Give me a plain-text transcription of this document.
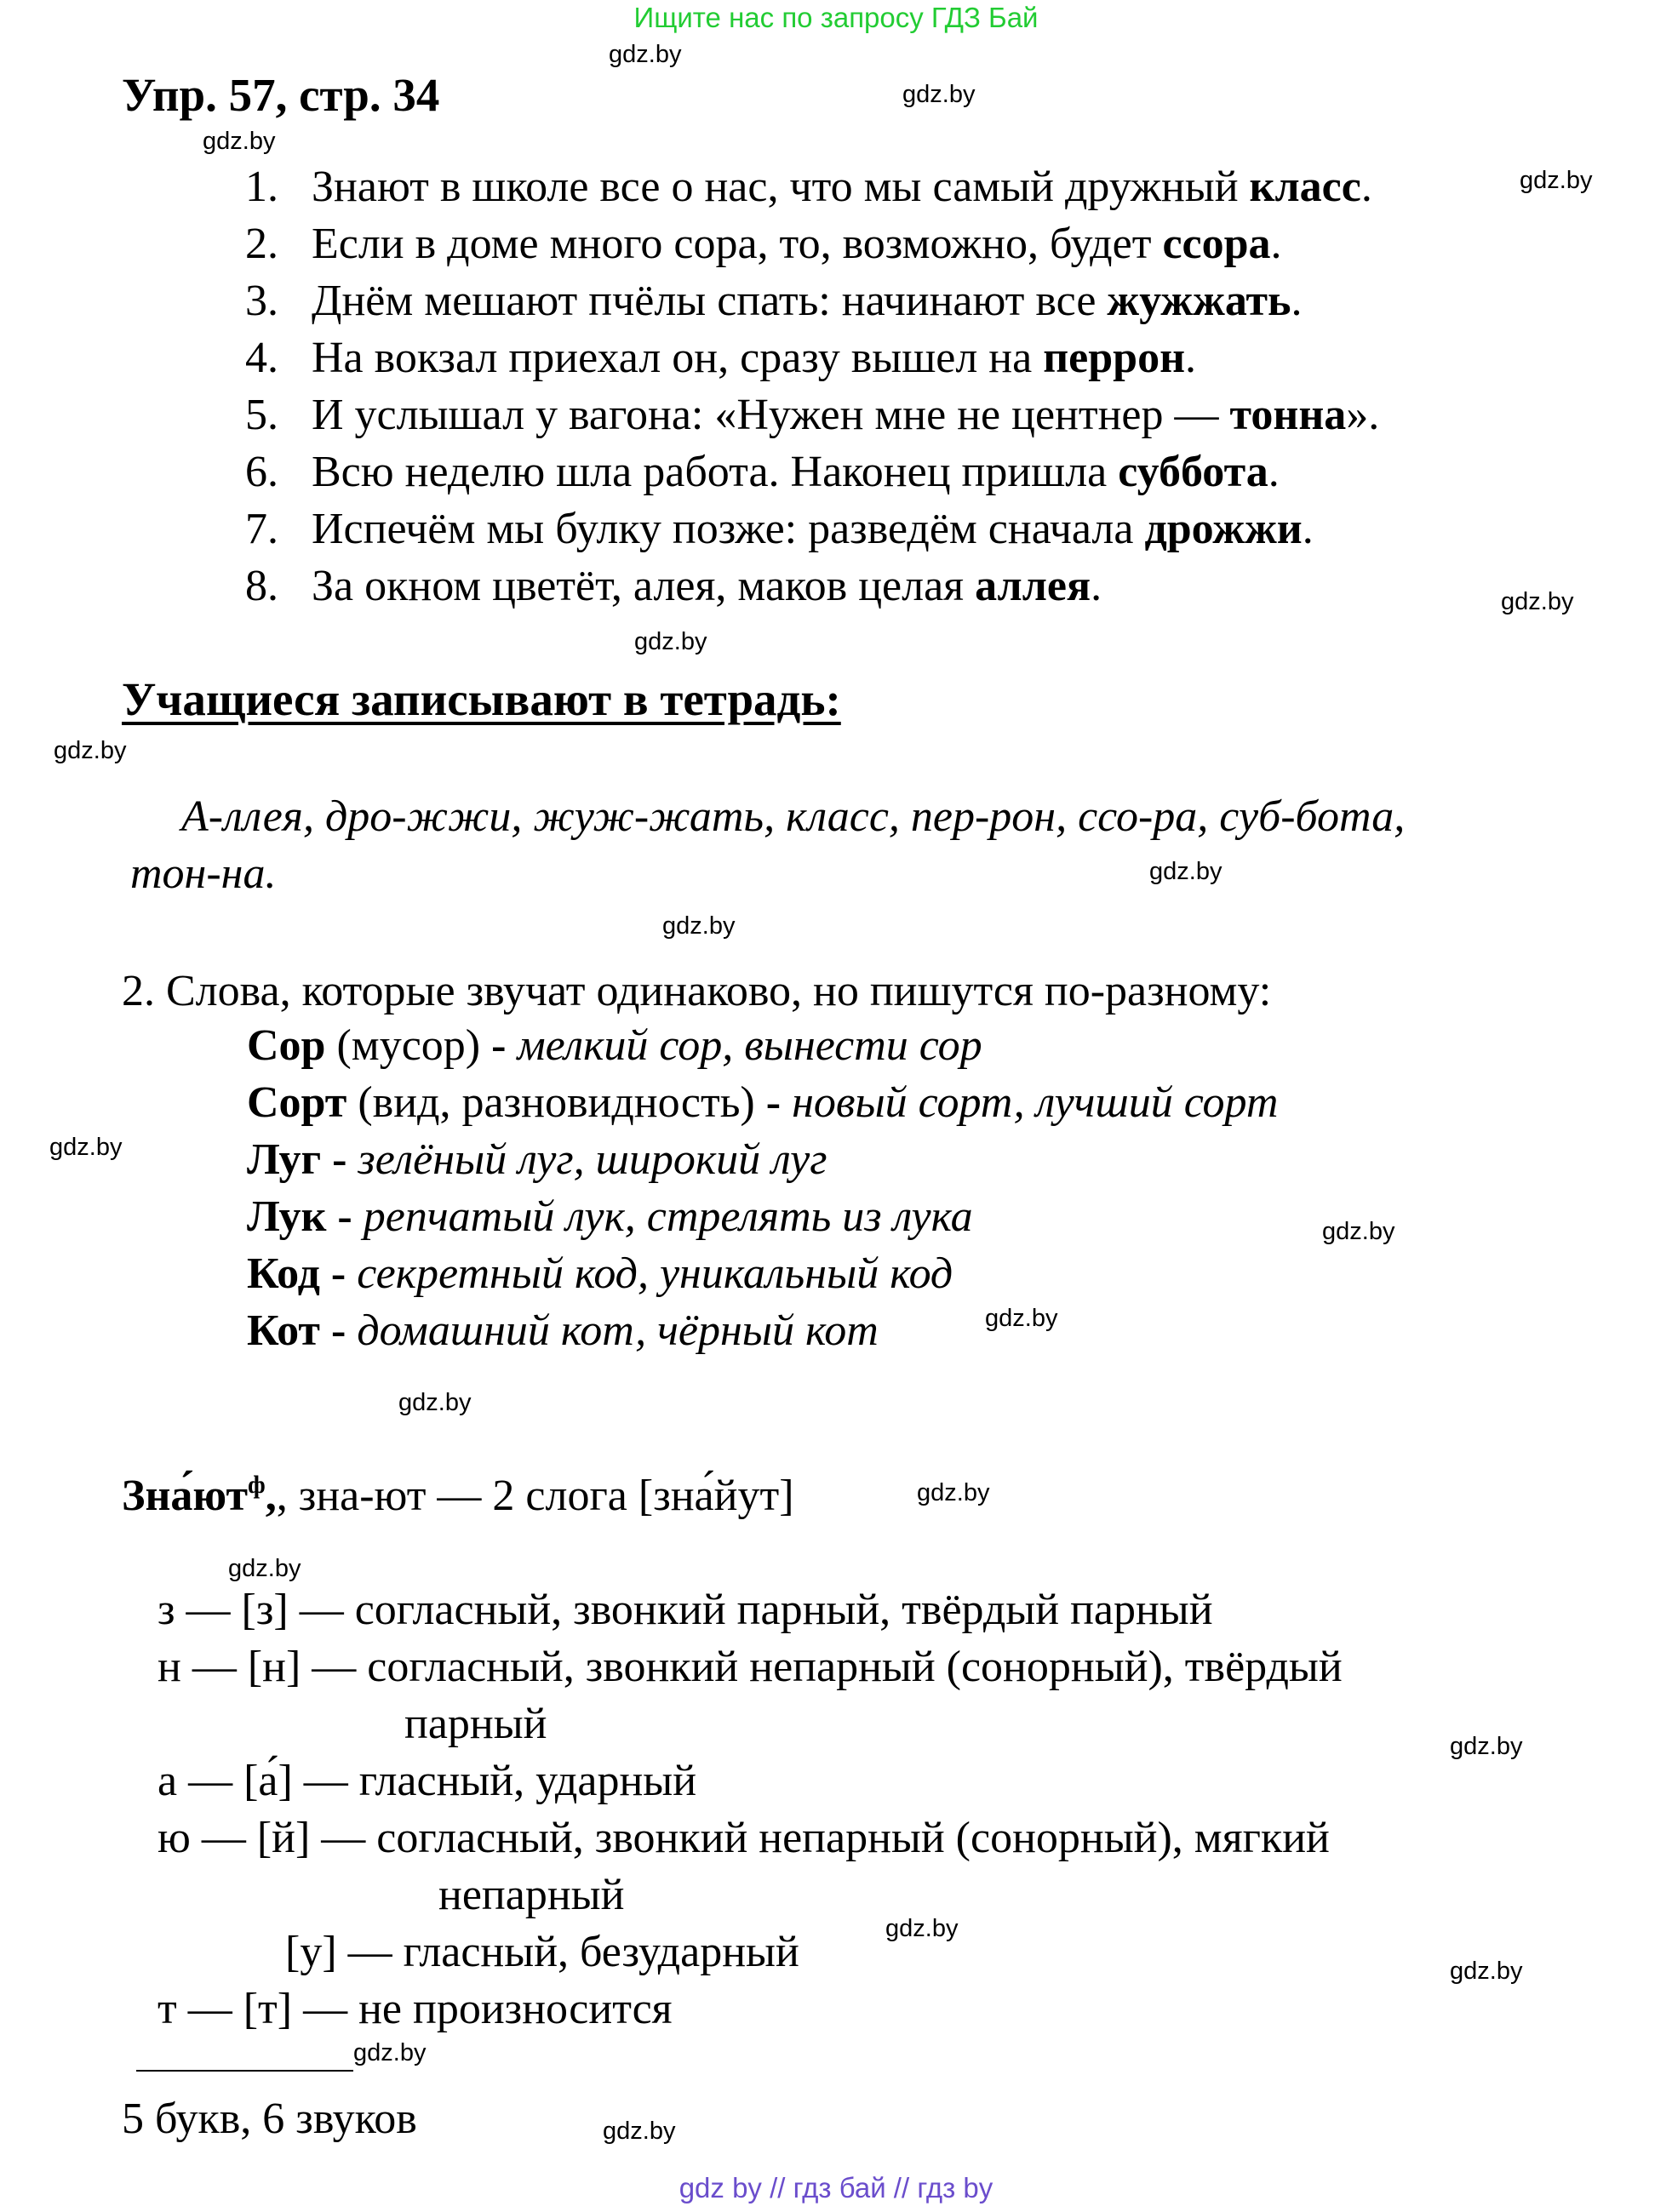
Ищите нас по запросу ГДЗ Бай
Упр. 57, стр. 34
gdz.by
gdz.by
gdz.by
gdz.by
gdz.by
gdz.by
gdz.by
gdz.by
gdz.by
gdz.by
gdz.by
gdz.by
gdz.by
gdz.by
gdz.by
gdz.by
gdz.by
gdz.by
gdz.by
gdz.by
1. Знают в школе все о нас, что мы самый дружный класс.
2. Если в доме много сора, то, возможно, будет ссора.
3. Днём мешают пчёлы спать: начинают все жужжать.
4. На вокзал приехал он, сразу вышел на перрон.
5. И услышал у вагона: «Нужен мне не центнер — тонна».
6. Всю неделю шла работа. Наконец пришла суббота.
7. Испечём мы булку позже: разведём сначала дрожжи.
8. За окном цветёт, алея, маков целая аллея.
Учащиеся записывают в тетрадь:
А-ллея, дро-жжи, жуж-жать, класс, пер-рон, ссо-ра, суб-бота,
тон-на.
2. Слова, которые звучат одинаково, но пишутся по-разному:
Сор (мусор) - мелкий сор, вынести сор
Сорт (вид, разновидность) - новый сорт, лучший сорт
Луг - зелёный луг, широкий луг
Лук - репчатый лук, стрелять из лука
Код - секретный код, уникальный код
Кот - домашний кот, чёрный кот
$Зна́ют^ф$,, зна-ют — 2 слога [зна́йут]
з — [з] — согласный, звонкий парный, твёрдый парный
н — [н] — согласный, звонкий непарный (сонорный), твёрдый
парный
а — [а́] — гласный, ударный
ю — [й] — согласный, звонкий непарный (сонорный), мягкий
непарный
[у] — гласный, безударный
т — [т] — не произносится
5 букв, 6 звуков
gdz by // гдз бай // гдз by
